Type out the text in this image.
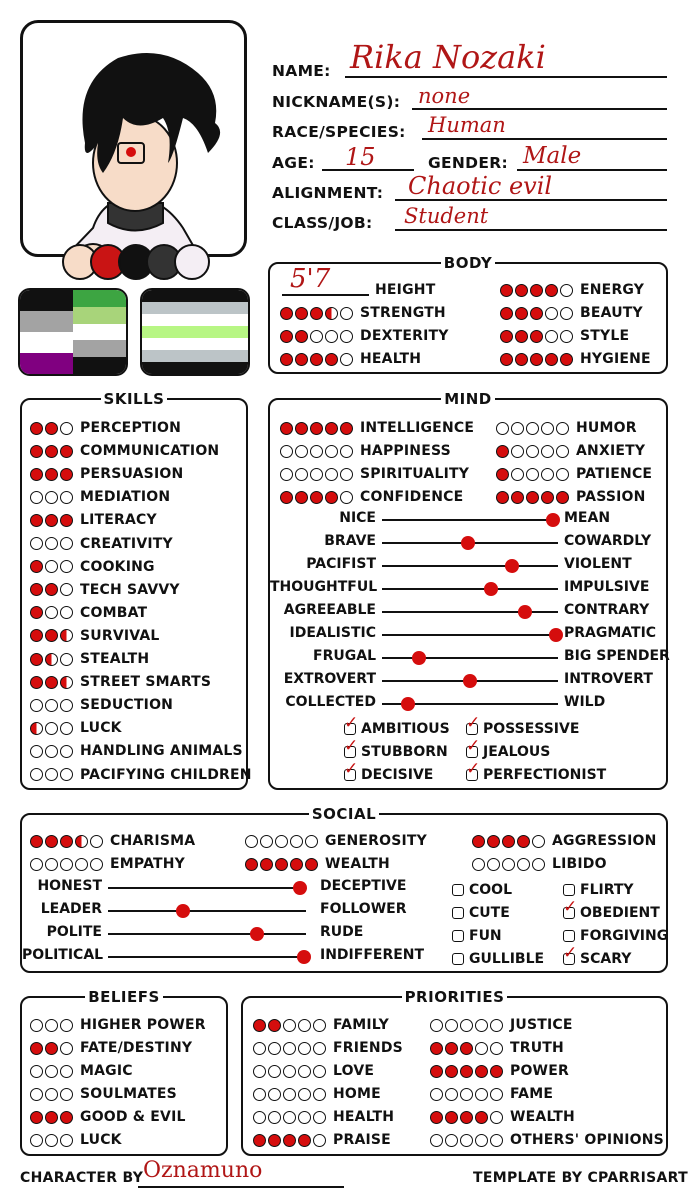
NAME: Rika Nozaki
NICKNAME(S): none
RACE/SPECIES: Human
AGE: 15	GENDER: Male
ALIGNMENT: Chaotic evil
CLASS/JOB: Student
BODY
5'7	HEIGHT
STRENGTH
DEXTERITY
HEALTH
ENERGY
BEAUTY
STYLE
HYGIENE
SKILLS
PERCEPTION
COMMUNICATION
PERSUASION
MEDIATION
LITERACY
CREATIVITY
COOKING
TECH SAVVY
COMBAT
SURVIVAL
STEALTH
STREET SMARTS
SEDUCTION
LUCK
HANDLING ANIMALS
PACIFYING CHILDREN
MIND
INTELLIGENCE
HAPPINESS
SPIRITUALITY
CONFIDENCE
HUMOR
ANXIETY
PATIENCE
PASSION
NICE	MEAN
BRAVE	COWARDLY
PACIFIST	VIOLENT
THOUGHTFUL	IMPULSIVE
AGREEABLE	CONTRARY
IDEALISTIC	PRAGMATIC
FRUGAL	BIG SPENDER
EXTROVERT	INTROVERT
COLLECTED	WILD
✓ AMBITIOUS
✓ STUBBORN
✓ DECISIVE
✓ POSSESSIVE
✓ JEALOUS
✓ PERFECTIONIST
SOCIAL
CHARISMA
EMPATHY
GENEROSITY
WEALTH
AGGRESSION
LIBIDO
HONEST	DECEPTIVE
LEADER	FOLLOWER
POLITE	RUDE
POLITICAL	INDIFFERENT
COOL
CUTE
FUN
GULLIBLE
FLIRTY
✓ OBEDIENT
FORGIVING
✓ SCARY
BELIEFS
HIGHER POWER
FATE/DESTINY
MAGIC
SOULMATES
GOOD & EVIL
LUCK
PRIORITIES
FAMILY
FRIENDS
LOVE
HOME
HEALTH
PRAISE
JUSTICE
TRUTH
POWER
FAME
WEALTH
OTHERS' OPINIONS
CHARACTER BY Oznamuno	TEMPLATE BY CPARRISART
